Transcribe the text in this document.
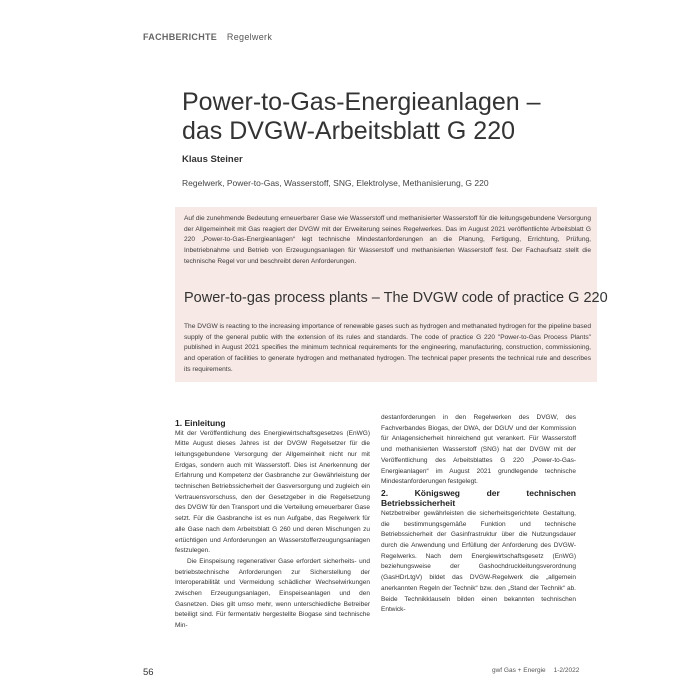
FACHBERICHTE Regelwerk
Power-to-Gas-Energieanlagen –
das DVGW-Arbeitsblatt G 220
Klaus Steiner
Regelwerk, Power-to-Gas, Wasserstoff, SNG, Elektrolyse, Methanisierung, G 220
Auf die zunehmende Bedeutung erneuerbarer Gase wie Wasserstoff und methanisierter Wasserstoff für die leitungsgebundene Versorgung der Allgemeinheit mit Gas reagiert der DVGW mit der Erweiterung seines Regelwerkes. Das im August 2021 veröffentlichte Arbeitsblatt G 220 „Power-to-Gas-Energieanlagen“ legt technische Mindestanforderungen an die Planung, Fertigung, Errichtung, Prüfung, Inbetriebnahme und Betrieb von Erzeugungsanlagen für Wasserstoff und methanisierten Wasserstoff fest. Der Fachaufsatz stellt die technische Regel vor und beschreibt deren Anforderungen.
Power-to-gas process plants – The DVGW code of practice G 220
The DVGW is reacting to the increasing importance of renewable gases such as hydrogen and methanated hydrogen for the pipeline based supply of the general public with the extension of its rules and standards. The code of practice G 220 "Power-to-Gas Process Plants" published in August 2021 specifies the minimum technical requirements for the engineering, manufacturing, construction, commissioning, and operation of facilities to generate hydrogen and methanated hydrogen. The technical paper presents the technical rule and describes its requirements.

1. Einleitung

Mit der Veröffentlichung des Energiewirtschaftsgesetzes (EnWG) Mitte August dieses Jahres ist der DVGW Regelsetzer für die leitungsgebundene Versorgung der Allgemeinheit nicht nur mit Erdgas, sondern auch mit Wasserstoff. Dies ist Anerkennung der Erfahrung und Kompetenz der Gasbranche zur Gewährleistung der technischen Betriebssicherheit der Gasversorgung und zugleich ein Vertrauensvorschuss, den der Gesetzgeber in die Regelsetzung des DVGW für den Transport und die Verteilung erneuerbarer Gase setzt. Für die Gasbranche ist es nun Aufgabe, das Regelwerk für alle Gase nach dem Arbeitsblatt G 260 und deren Mischungen zu ertüchtigen und Anforderungen an Wasserstofferzeugungsanlagen festzulegen.

Die Einspeisung regenerativer Gase erfordert sicherheits- und betriebstechnische Anforderungen zur Sicherstellung der Interoperabilität und Vermeidung schädlicher Wechselwirkungen zwischen Erzeugungsanlagen, Einspeiseanlagen und den Gasnetzen. Dies gilt umso mehr, wenn unterschiedliche Betreiber beteiligt sind. Für fermentativ hergestellte Biogase sind technische Min-

destanforderungen in den Regelwerken des DVGW, des Fachverbandes Biogas, der DWA, der DGUV und der Kommission für Anlagensicherheit hinreichend gut verankert. Für Wasserstoff und methanisierten Wasserstoff (SNG) hat der DVGW mit der Veröffentlichung des Arbeitsblattes G 220 „Power-to-Gas-Energieanlagen“ im August 2021 grundlegende technische Mindestanforderungen festgelegt.

2. Königsweg der technischen Betriebssicherheit

Netzbetreiber gewährleisten die sicherheitsgerichtete Gestaltung, die bestimmungsgemäße Funktion und technische Betriebssicherheit der Gasinfrastruktur über die Nutzungsdauer durch die Anwendung und Erfüllung der Anforderung des DVGW-Regelwerks. Nach dem Energiewirtschaftsgesetz (EnWG) beziehungsweise der Gashochdruckleitungsverordnung (GasHDrLtgV) bildet das DVGW-Regelwerk die „allgemein anerkannten Regeln der Technik“ bzw. den „Stand der Technik“ ab. Beide Technikklauseln bilden einen bekannten technischen Entwick-

56	gwf Gas + Energie 1-2/2022
